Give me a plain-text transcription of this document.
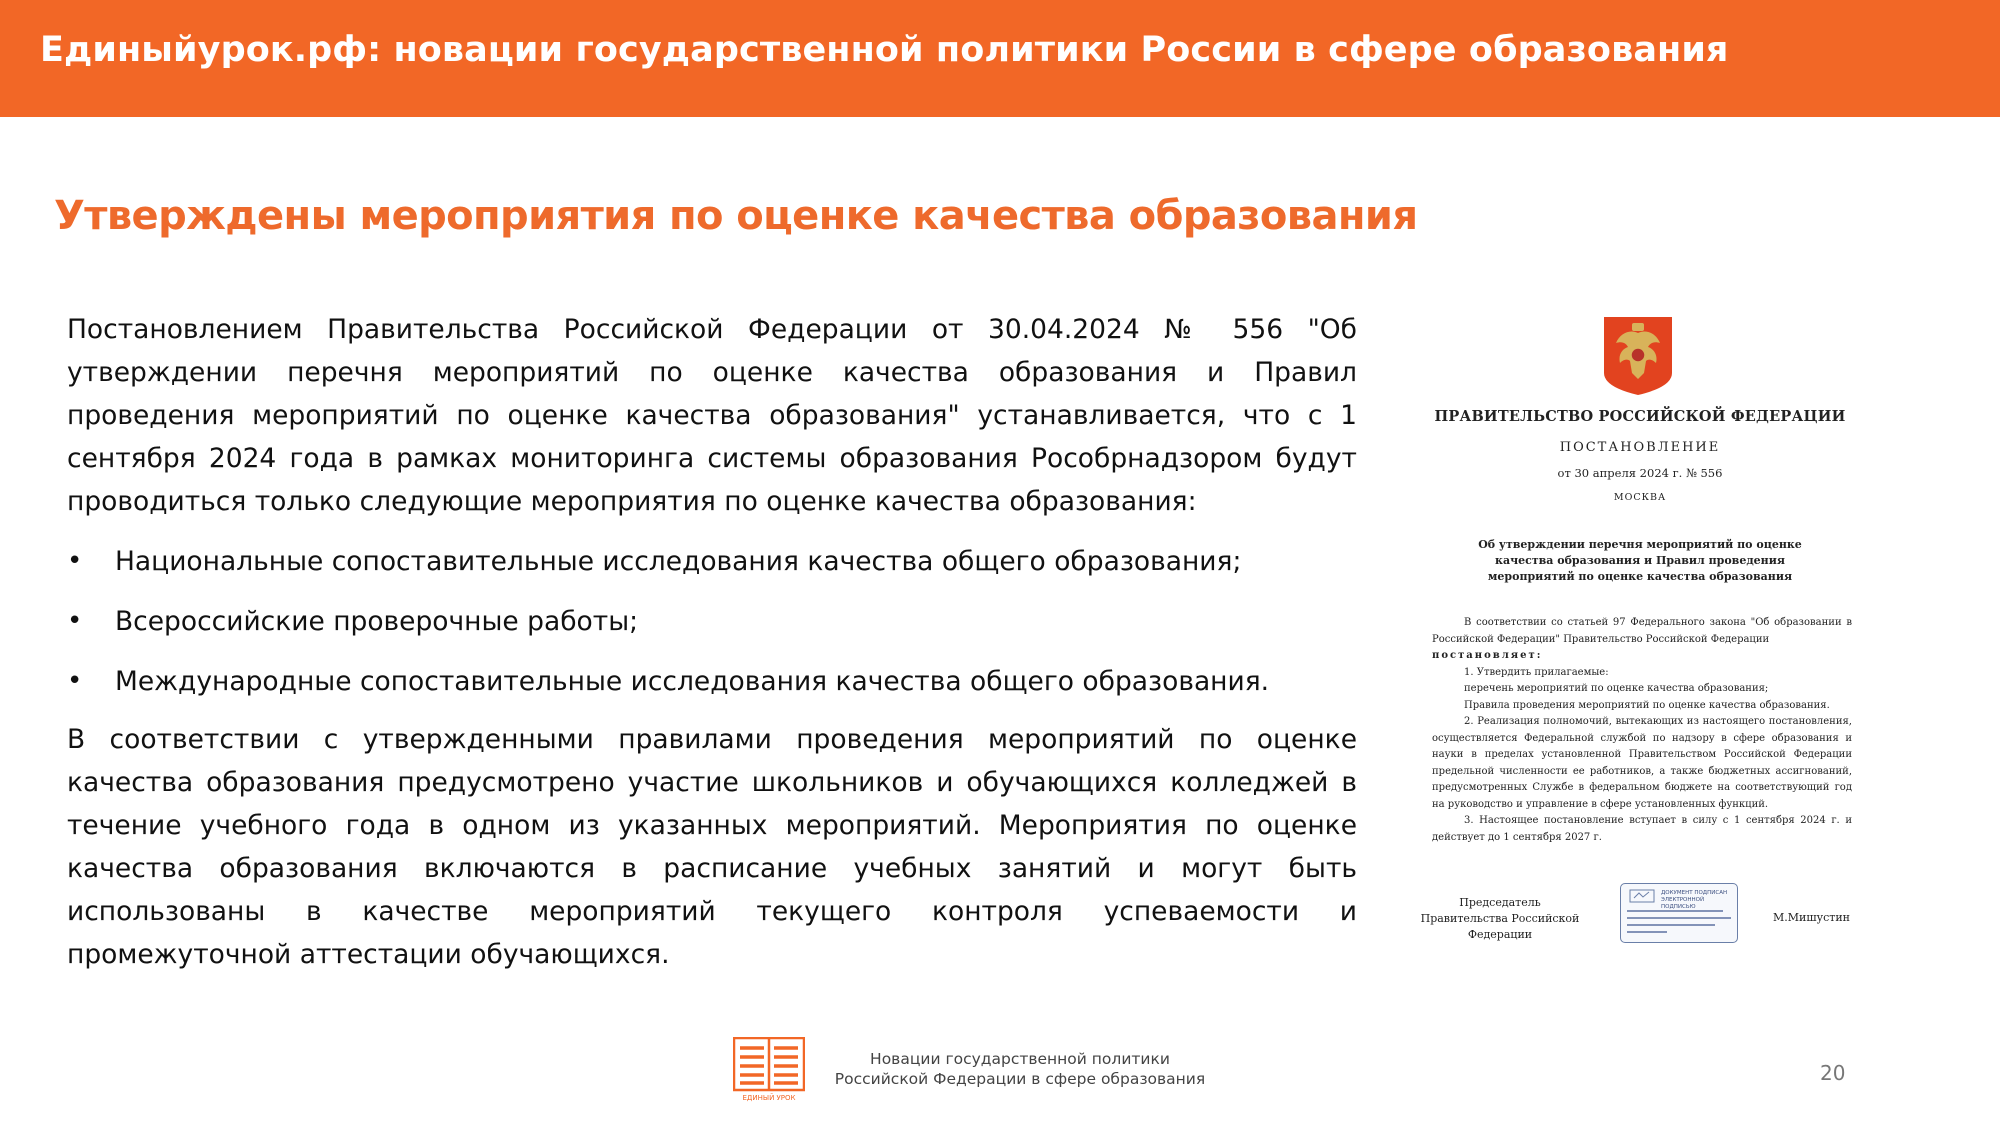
Единыйурок.рф: новации государственной политики России в сфере образования
Утверждены мероприятия по оценке качества образования
Постановлением Правительства Российской Федерации от 30.04.2024 № 556 "Об утверждении перечня мероприятий по оценке качества образования и Правил проведения мероприятий по оценке качества образования" устанавливается, что с 1 сентября 2024 года в рамках мониторинга системы образования Рособрнадзором будут проводиться только следующие мероприятия по оценке качества образования:
• Национальные сопоставительные исследования качества общего образования;
• Всероссийские проверочные работы;
• Международные сопоставительные исследования качества общего образования.
В соответствии с утвержденными правилами проведения мероприятий по оценке качества образования предусмотрено участие школьников и обучающихся колледжей в течение учебного года в одном из указанных мероприятий. Мероприятия по оценке качества образования включаются в расписание учебных занятий и могут быть использованы в качестве мероприятий текущего контроля успеваемости и промежуточной аттестации обучающихся.
ПРАВИТЕЛЬСТВО РОССИЙСКОЙ ФЕДЕРАЦИИ
ПОСТАНОВЛЕНИЕ
от 30 апреля 2024 г. № 556
МОСКВА
Об утверждении перечня мероприятий по оценке качества образования и Правил проведения мероприятий по оценке качества образования

В соответствии со статьей 97 Федерального закона "Об образовании в Российской Федерации" Правительство Российской Федерации

постановляет:

1. Утвердить прилагаемые:

перечень мероприятий по оценке качества образования;

Правила проведения мероприятий по оценке качества образования.

2. Реализация полномочий, вытекающих из настоящего постановления, осуществляется Федеральной службой по надзору в сфере образования и науки в пределах установленной Правительством Российской Федерации предельной численности ее работников, а также бюджетных ассигнований, предусмотренных Службе в федеральном бюджете на соответствующий год на руководство и управление в сфере установленных функций.

3. Настоящее постановление вступает в силу с 1 сентября 2024 г. и действует до 1 сентября 2027 г.

Председатель Правительства Российской Федерации
ДОКУМЕНТ ПОДПИСАН ЭЛЕКТРОННОЙ ПОДПИСЬЮ
М.Мишустин
ЕДИНЫЙ УРОК
Новации государственной политики
Российской Федерации в сфере образования	20
